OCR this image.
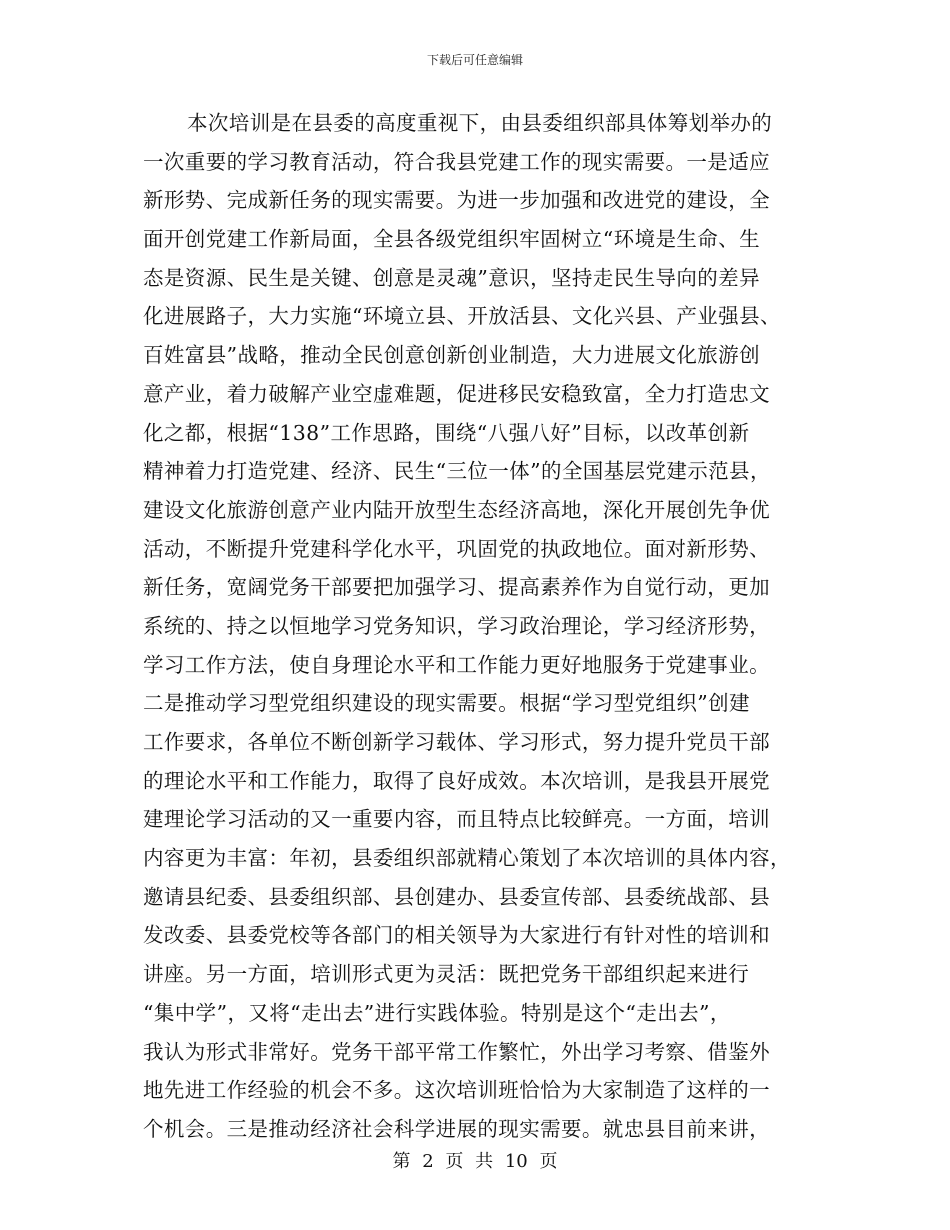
下载后可任意编辑
本次培训是在县委的高度重视下，由县委组织部具体筹划举办的
一次重要的学习教育活动，符合我县党建工作的现实需要。一是适应
新形势、完成新任务的现实需要。为进一步加强和改进党的建设，全
面开创党建工作新局面，全县各级党组织牢固树立“环境是生命、生
态是资源、民生是关键、创意是灵魂”意识，坚持走民生导向的差异
化进展路子，大力实施“环境立县、开放活县、文化兴县、产业强县、
百姓富县”战略，推动全民创意创新创业制造，大力进展文化旅游创
意产业，着力破解产业空虚难题，促进移民安稳致富，全力打造忠文
化之都，根据“138”工作思路，围绕“八强八好”目标，以改革创新
精神着力打造党建、经济、民生“三位一体”的全国基层党建示范县，
建设文化旅游创意产业内陆开放型生态经济高地，深化开展创先争优
活动，不断提升党建科学化水平，巩固党的执政地位。面对新形势、
新任务，宽阔党务干部要把加强学习、提高素养作为自觉行动，更加
系统的、持之以恒地学习党务知识，学习政治理论，学习经济形势，
学习工作方法，使自身理论水平和工作能力更好地服务于党建事业。
二是推动学习型党组织建设的现实需要。根据“学习型党组织”创建
工作要求，各单位不断创新学习载体、学习形式，努力提升党员干部
的理论水平和工作能力，取得了良好成效。本次培训，是我县开展党
建理论学习活动的又一重要内容，而且特点比较鲜亮。一方面，培训
内容更为丰富：年初，县委组织部就精心策划了本次培训的具体内容，
邀请县纪委、县委组织部、县创建办、县委宣传部、县委统战部、县
发改委、县委党校等各部门的相关领导为大家进行有针对性的培训和
讲座。另一方面，培训形式更为灵活：既把党务干部组织起来进行
“集中学”，又将“走出去”进行实践体验。特别是这个“走出去”，
我认为形式非常好。党务干部平常工作繁忙，外出学习考察、借鉴外
地先进工作经验的机会不多。这次培训班恰恰为大家制造了这样的一
个机会。三是推动经济社会科学进展的现实需要。就忠县目前来讲，
第 2 页 共 10 页
